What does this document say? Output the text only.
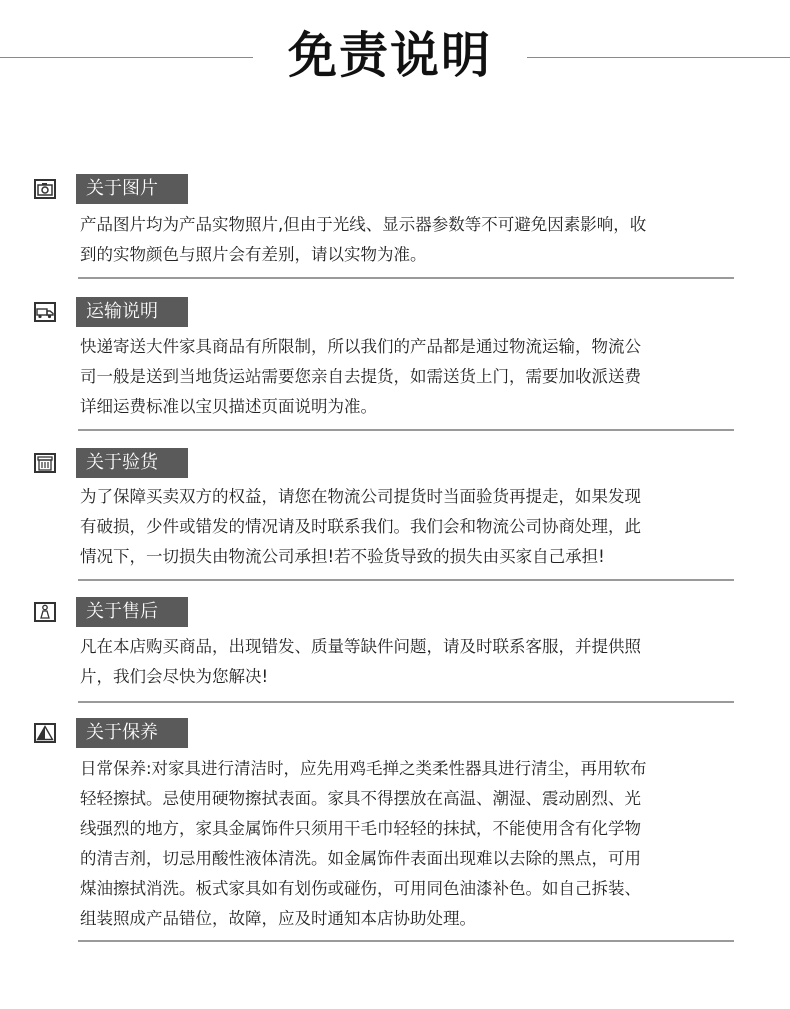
免责说明
关于图片

产品图片均为产品实物照片,但由于光线、显示器参数等不可避免因素影响，收

到的实物颜色与照片会有差别，请以实物为准。

运输说明

快递寄送大件家具商品有所限制，所以我们的产品都是通过物流运输，物流公

司一般是送到当地货运站需要您亲自去提货，如需送货上门，需要加收派送费

详细运费标准以宝贝描述页面说明为准。

关于验货

为了保障买卖双方的权益，请您在物流公司提货时当面验货再提走，如果发现

有破损，少件或错发的情况请及时联系我们。我们会和物流公司协商处理，此

情况下，一切损失由物流公司承担!若不验货导致的损失由买家自己承担!

关于售后

凡在本店购买商品，出现错发、质量等缺件问题，请及时联系客服，并提供照

片，我们会尽快为您解决!

关于保养

日常保养:对家具进行清洁时，应先用鸡毛掸之类柔性器具进行清尘，再用软布

轻轻擦拭。忌使用硬物擦拭表面。家具不得摆放在高温、潮湿、震动剧烈、光

线强烈的地方，家具金属饰件只须用干毛巾轻轻的抹拭，不能使用含有化学物

的清吉剂，切忌用酸性液体清洗。如金属饰件表面出现难以去除的黑点，可用

煤油擦拭消洗。板式家具如有划伤或碰伤，可用同色油漆补色。如自己拆装、

组装照成产品错位，故障，应及时通知本店协助处理。
